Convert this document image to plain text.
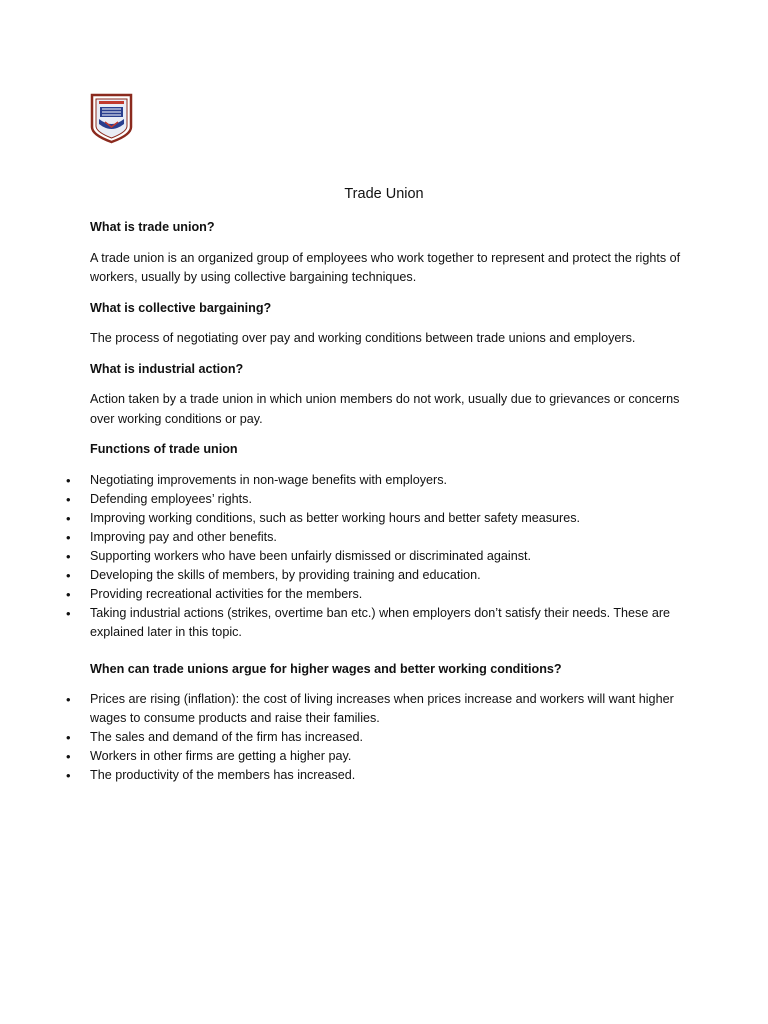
Trade Union
What is trade union?
A trade union is an organized group of employees who work together to represent and protect the rights of workers, usually by using collective bargaining techniques.
What is collective bargaining?
The process of negotiating over pay and working conditions between trade unions and employers.
What is industrial action?
Action taken by a trade union in which union members do not work, usually due to grievances or concerns over working conditions or pay.
Functions of trade union
• Negotiating improvements in non-wage benefits with employers.
• Defending employees’ rights.
• Improving working conditions, such as better working hours and better safety measures.
• Improving pay and other benefits.
• Supporting workers who have been unfairly dismissed or discriminated against.
• Developing the skills of members, by providing training and education.
• Providing recreational activities for the members.
• Taking industrial actions (strikes, overtime ban etc.) when employers don’t satisfy their needs. These are explained later in this topic.
When can trade unions argue for higher wages and better working conditions?
• Prices are rising (inflation): the cost of living increases when prices increase and workers will want higher wages to consume products and raise their families.
• The sales and demand of the firm has increased.
• Workers in other firms are getting a higher pay.
• The productivity of the members has increased.
